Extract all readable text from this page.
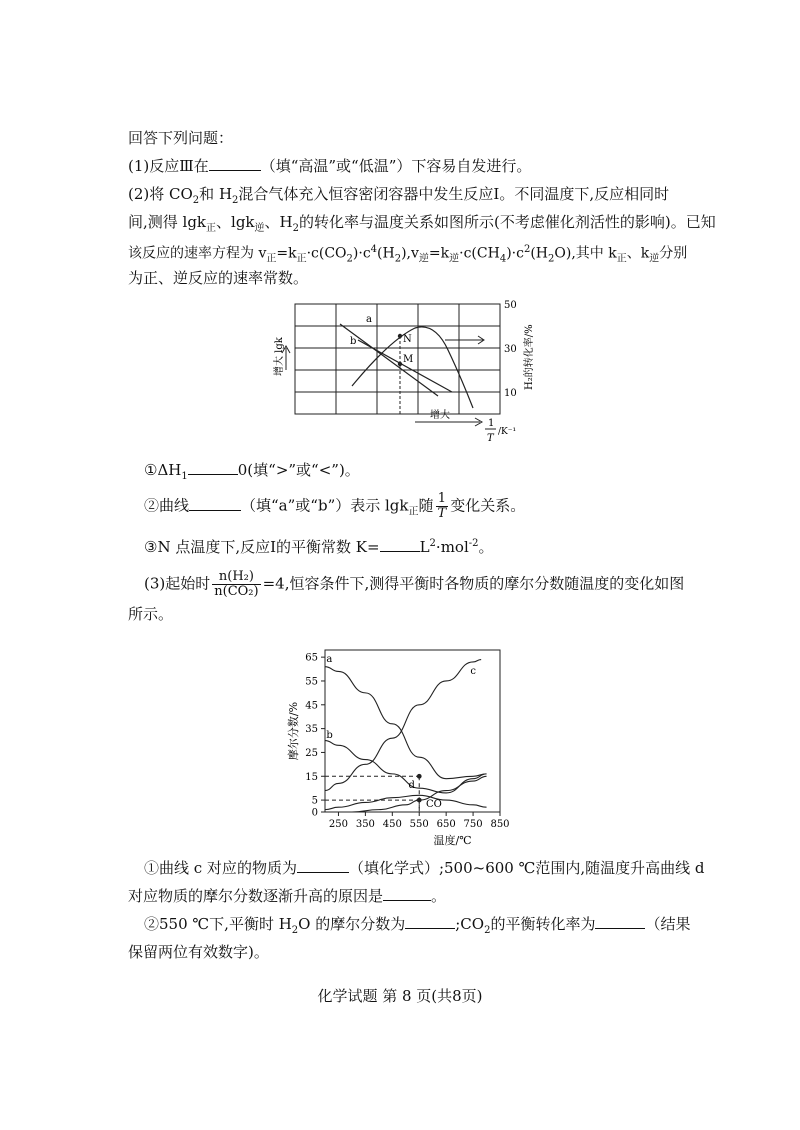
回答下列问题：
(1)反应Ⅲ在	（填“高温”或“低温”）下容易自发进行。
(2)将 $CO_2$和 $H_2$混合气体充入恒容密闭容器中发生反应Ⅰ。不同温度下,反应相同时
间,测得 lgk$_正$、lgk$_逆$、$H_2$的转化率与温度关系如图所示(不考虑催化剂活性的影响)。已知
该反应的速率方程为 $v_正=k_正\cdot c(CO_2)\cdot c^4(H_2),v_逆=k_逆\cdot c(CH_4)\cdot c^2(H_2O)$,其中 $k_正$、$k_逆$分别
为正、逆反应的速率常数。
a
b	N
M
50
30
10
增大 lgk	H₂的转化率/%
增大
1
T
/K⁻¹
$①\Delta H_1$	0(填“>”或“<”)。
②曲线	（填“a”或“b”）表示 lgk$_正$随 $\frac{1}{T}$ 变化关系。
③N 点温度下,反应Ⅰ的平衡常数 K=	$L^2\cdot mol^{-2}$。
(3)起始时 $\frac{\text{n(H₂)}}{\text{n(CO₂)}} =4$,恒容条件下,测得平衡时各物质的摩尔分数随温度的变化如图
所示。
0
5
15
25
35
45
55
65
250 350 450 550 650 750 850
温度/℃
摩尔分数/%
c
d
CO
a
b
①曲线 c 对应的物质为	（填化学式）;500~600 ℃范围内,随温度升高曲线 d
对应物质的摩尔分数逐渐升高的原因是	。
②550 ℃下,平衡时 $H_2O$ 的摩尔分数为	$;CO_2$的平衡转化率为	（结果
保留两位有效数字)。
化学试题 第 8 页(共8页)
